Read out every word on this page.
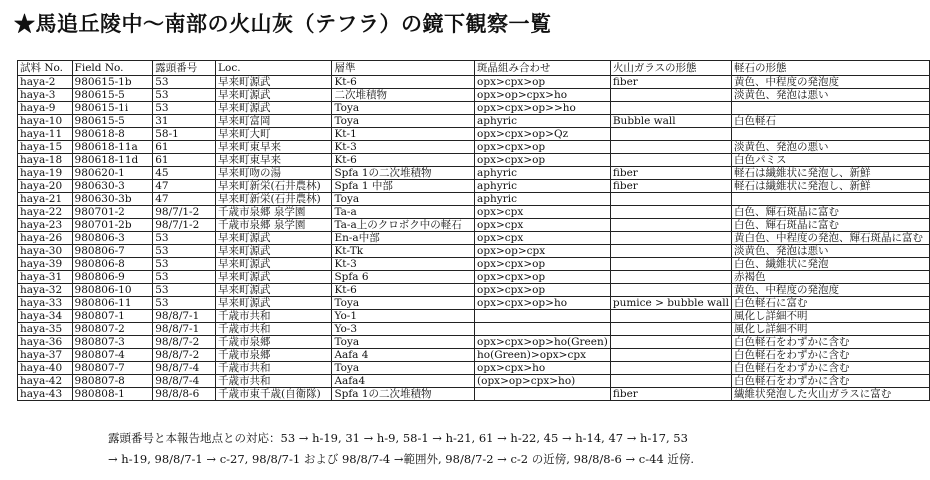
★馬追丘陵中～南部の火山灰（テフラ）の鏡下観察一覧
試料 No.	Field No.	露頭番号	Loc.	層準	斑晶組み合わせ	火山ガラスの形態	軽石の形態
haya-2	980615-1b	53	早来町源武	Kt-6	opx>cpx>op	fiber	黄色、中程度の発泡度
haya-3	980615-5	53	早来町源武	二次堆積物	opx>op>cpx>ho		淡黄色、発泡は悪い
haya-9	980615-1i	53	早来町源武	Toya	opx>cpx>op>>ho		
haya-10	980615-5	31	早来町富岡	Toya	aphyric	Bubble wall	白色軽石
haya-11	980618-8	58-1	早来町大町	Kt-1	opx>cpx>op>Qz		
haya-15	980618-11a	61	早来町東早来	Kt-3	opx>cpx>op		淡黄色、発泡の悪い
haya-18	980618-11d	61	早来町東早来	Kt-6	opx>cpx>op		白色パミス
haya-19	980620-1	45	早来町吻の湯	Spfa 1の二次堆積物	aphyric	fiber	軽石は繊維状に発泡し、新鮮
haya-20	980630-3	47	早来町新栄(石井農林)	Spfa 1 中部	aphyric	fiber	軽石は繊維状に発泡し、新鮮
haya-21	980630-3b	47	早来町新栄(石井農林)	Toya	aphyric		
haya-22	980701-2	98/7/1-2	千歳市泉郷 泉学園	Ta-a	opx>cpx		白色、輝石斑晶に富む
haya-23	980701-2b	98/7/1-2	千歳市泉郷 泉学園	Ta-a上のクロボク中の軽石	opx>cpx		白色、輝石斑晶に富む
haya-26	980806-3	53	早来町源武	En-a中部	opx>cpx		黄白色、中程度の発泡、輝石斑晶に富む
haya-30	980806-7	53	早来町源武	Kt-Tk	opx>op>cpx		淡黄色、発泡は悪い
haya-39	980806-8	53	早来町源武	Kt-3	opx>cpx>op		白色、繊維状に発泡
haya-31	980806-9	53	早来町源武	Spfa 6	opx>cpx>op		赤褐色
haya-32	980806-10	53	早来町源武	Kt-6	opx>cpx>op		黄色、中程度の発泡度
haya-33	980806-11	53	早来町源武	Toya	opx>cpx>op>ho	pumice > bubble wall	白色軽石に富む
haya-34	980807-1	98/8/7-1	千歳市共和	Yo-1			風化し詳細不明
haya-35	980807-2	98/8/7-1	千歳市共和	Yo-3			風化し詳細不明
haya-36	980807-3	98/8/7-2	千歳市泉郷	Toya	opx>cpx>op>ho(Green)		白色軽石をわずかに含む
haya-37	980807-4	98/8/7-2	千歳市泉郷	Aafa 4	ho(Green)>opx>cpx		白色軽石をわずかに含む
haya-40	980807-7	98/8/7-4	千歳市共和	Toya	opx>cpx>ho		白色軽石をわずかに含む
haya-42	980807-8	98/8/7-4	千歳市共和	Aafa4	(opx>op>cpx>ho)		白色軽石をわずかに含む
haya-43	980808-1	98/8/8-6	千歳市東千歳(自衛隊)	Spfa 1の二次堆積物		fiber	繊維状発泡した火山ガラスに富む
露頭番号と本報告地点との対応：53 → h-19, 31 → h-9, 58-1 → h-21, 61 → h-22, 45 → h-14, 47 → h-17, 53
→ h-19, 98/8/7-1 → c-27, 98/8/7-1 および 98/8/7-4 →範囲外, 98/8/7-2 → c-2 の近傍, 98/8/8-6 → c-44 近傍.
